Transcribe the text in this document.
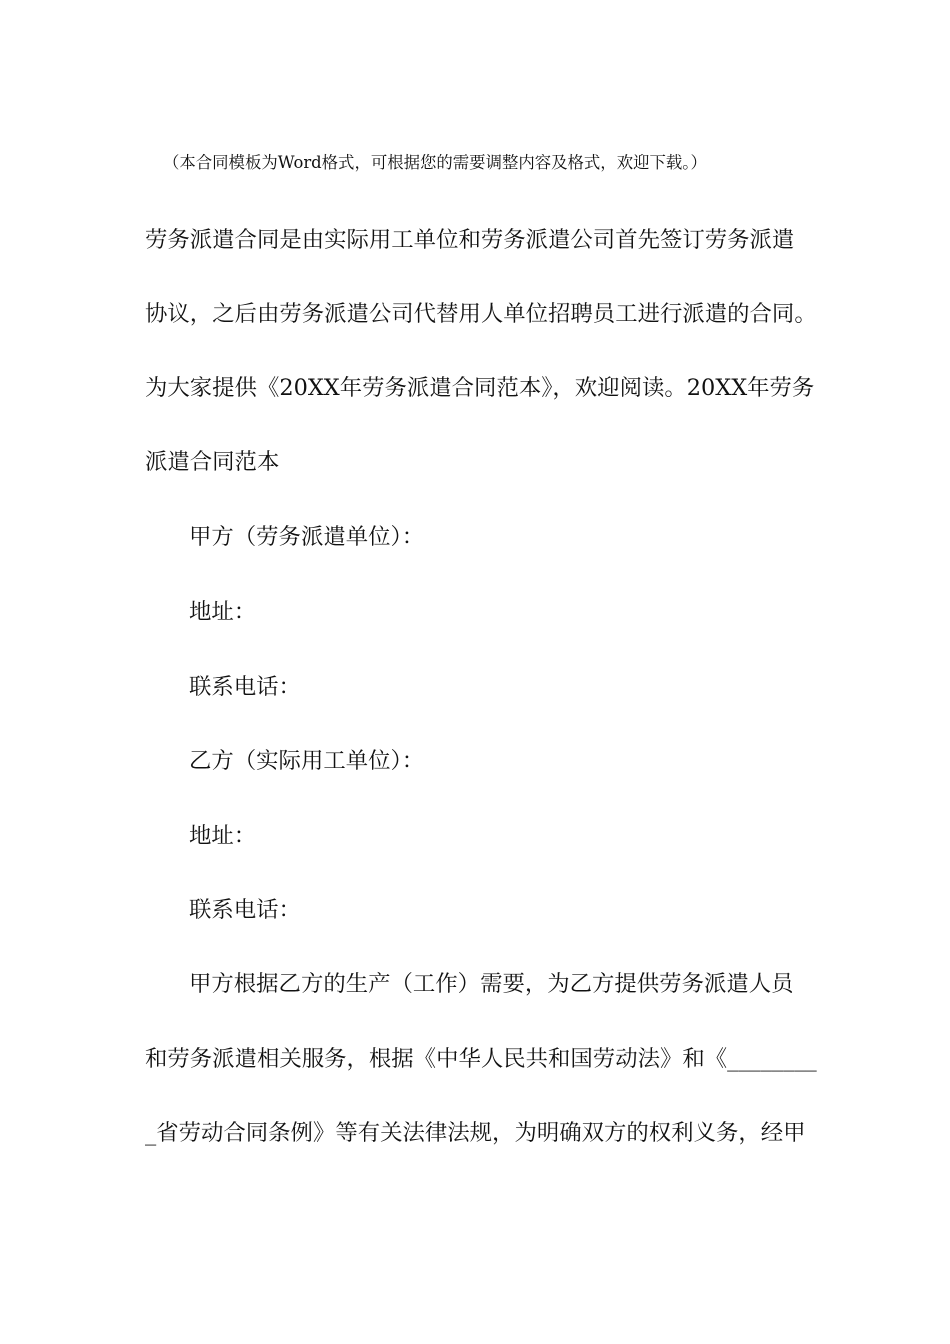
（本合同模板为Word格式，可根据您的需要调整内容及格式，欢迎下载。）
劳务派遣合同是由实际用工单位和劳务派遣公司首先签订劳务派遣
协议，之后由劳务派遣公司代替用人单位招聘员工进行派遣的合同。
为大家提供《20XX年劳务派遣合同范本》，欢迎阅读。20XX年劳务
派遣合同范本
甲方（劳务派遣单位）：
地址：
联系电话：
乙方（实际用工单位）：
地址：
联系电话：
甲方根据乙方的生产（工作）需要，为乙方提供劳务派遣人员
和劳务派遣相关服务，根据《中华人民共和国劳动法》和《________
_省劳动合同条例》等有关法律法规，为明确双方的权利义务，经甲
